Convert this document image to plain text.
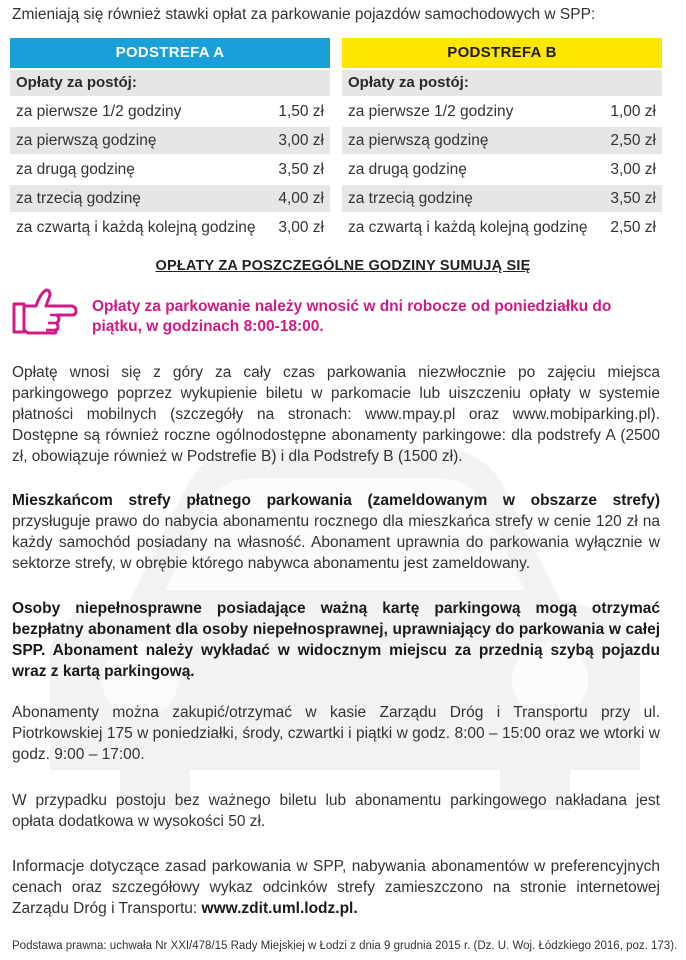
Zmieniają się również stawki opłat za parkowanie pojazdów samochodowych w SPP:
PODSTREFA A
Opłaty za postój:
za pierwsze 1/2 godziny	1,50 zł
za pierwszą godzinę	3,00 zł
za drugą godzinę	3,50 zł
za trzecią godzinę	4,00 zł
za czwartą i każdą kolejną godzinę 3,00 zł
PODSTREFA B
Opłaty za postój:
za pierwsze 1/2 godziny	1,00 zł
za pierwszą godzinę	2,50 zł
za drugą godzinę	3,00 zł
za trzecią godzinę	3,50 zł
za czwartą i każdą kolejną godzinę 2,50 zł
OPŁATY ZA POSZCZEGÓLNE GODZINY SUMUJĄ SIĘ
Opłaty za parkowanie należy wnosić w dni robocze od poniedziałku do piątku, w godzinach 8:00-18:00.
Opłatę wnosi się z góry za cały czas parkowania niezwłocznie po zajęciu miejsca parkingowego poprzez wykupienie biletu w parkomacie lub uiszczeniu opłaty w systemie płatności mobilnych (szczegóły na stronach: www.mpay.pl oraz www.mobiparking.pl). Dostępne są również roczne ogólnodostępne abonamenty parkingowe: dla podstrefy A (2500 zł, obowiązuje również w Podstrefie B) i dla Podstrefy B (1500 zł).
Mieszkańcom strefy płatnego parkowania (zameldowanym w obszarze strefy) przysługuje prawo do nabycia abonamentu rocznego dla mieszkańca strefy w cenie 120 zł na każdy samochód posiadany na własność. Abonament uprawnia do parkowania wyłącznie w sektorze strefy, w obrębie którego nabywca abonamentu jest zameldowany.
Osoby niepełnosprawne posiadające ważną kartę parkingową mogą otrzymać bezpłatny abonament dla osoby niepełnosprawnej, uprawniający do parkowania w całej SPP. Abonament należy wykładać w widocznym miejscu za przednią szybą pojazdu wraz z kartą parkingową.
Abonamenty można zakupić/otrzymać w kasie Zarządu Dróg i Transportu przy ul. Piotrkowskiej 175 w poniedziałki, środy, czwartki i piątki w godz. 8:00 – 15:00 oraz we wtorki w godz. 9:00 – 17:00.
W przypadku postoju bez ważnego biletu lub abonamentu parkingowego nakładana jest opłata dodatkowa w wysokości 50 zł.
Informacje dotyczące zasad parkowania w SPP, nabywania abonamentów w preferencyjnych cenach oraz szczegółowy wykaz odcinków strefy zamieszczono na stronie internetowej Zarządu Dróg i Transportu: www.zdit.uml.lodz.pl.
Podstawa prawna: uchwała Nr XXI/478/15 Rady Miejskiej w Łodzi z dnia 9 grudnia 2015 r. (Dz. U. Woj. Łódzkiego 2016, poz. 173).
